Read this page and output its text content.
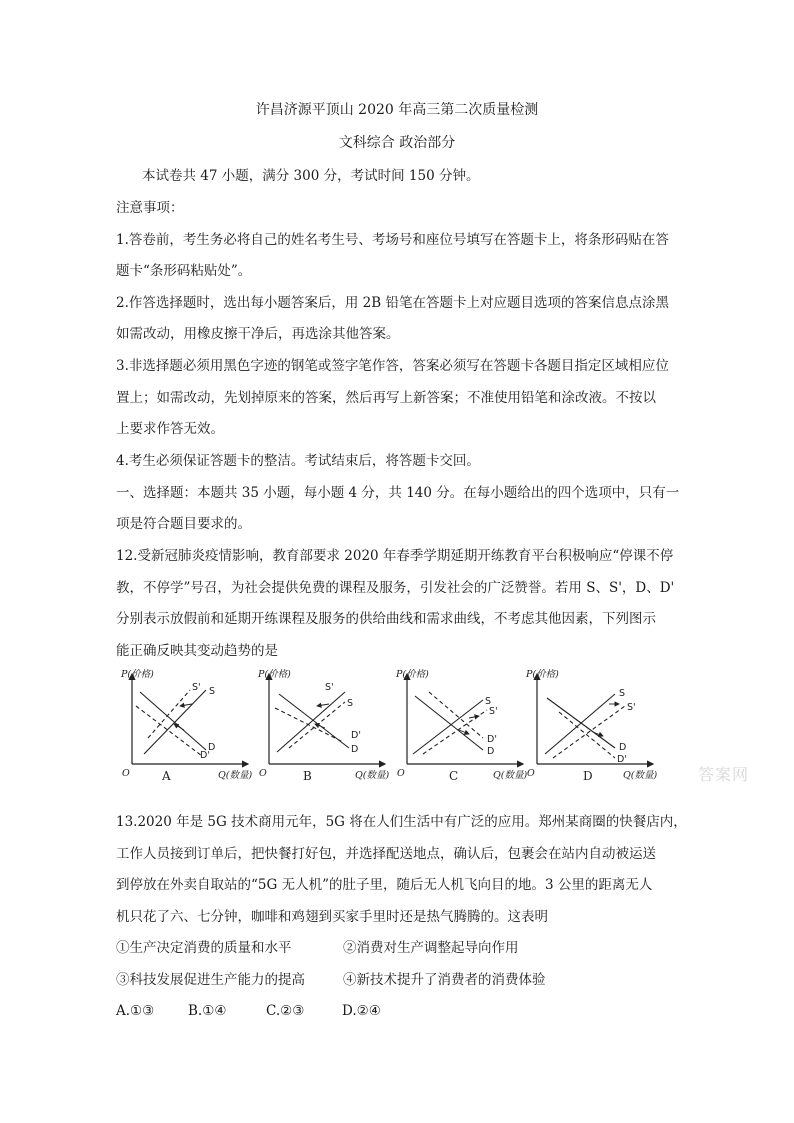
许昌济源平顶山 2020 年高三第二次质量检测
文科综合 政治部分
本试卷共 47 小题，满分 300 分，考试时间 150 分钟。
注意事项：
1.答卷前，考生务必将自己的姓名考生号、考场号和座位号填写在答题卡上，将条形码贴在答
题卡“条形码粘贴处”。
2.作答选择题时，选出每小题答案后，用 2B 铅笔在答题卡上对应题目选项的答案信息点涂黑
如需改动，用橡皮擦干净后，再选涂其他答案。
3.非选择题必须用黑色字迹的钢笔或签字笔作答，答案必须写在答题卡各题目指定区域相应位
置上；如需改动，先划掉原来的答案，然后再写上新答案；不准使用铅笔和涂改液。不按以
上要求作答无效。
4.考生必须保证答题卡的整洁。考试结束后，将答题卡交回。
一、选择题：本题共 35 小题，每小题 4 分，共 140 分。在每小题给出的四个选项中，只有一
项是符合题目要求的。
12.受新冠肺炎疫情影响，教育部要求 2020 年春季学期延期开练教育平台积极响应“停课不停
教，不停学”号召，为社会提供免费的课程及服务，引发社会的广泛赞誉。若用 S、S'，D、D'
分别表示放假前和延期开练课程及服务的供给曲线和需求曲线，不考虑其他因素，下列图示
能正确反映其变动趋势的是
P(价格)
Q(数量)
O
S' S
D
D'
A
P(价格)
Q(数量)
O
S'
S
D'
D
B
P(价格)
Q(数量)
O
S
S'
D'
D
C
P(价格)
Q(数量)
O
S
S'
D
D'
D	答案网
13.2020 年是 5G 技术商用元年，5G 将在人们生活中有广泛的应用。郑州某商圈的快餐店内，
工作人员接到订单后，把快餐打好包，并选择配送地点，确认后，包裹会在站内自动被运送
到停放在外卖自取站的“5G 无人机”的肚子里，随后无人机飞向目的地。3 公里的距离无人
机只花了六、七分钟，咖啡和鸡翅到买家手里时还是热气腾腾的。这表明
①生产决定消费的质量和水平	②消费对生产调整起导向作用
③科技发展促进生产能力的提高	④新技术提升了消费者的消费体验
A.①③	B.①④	C.②③	D.②④
